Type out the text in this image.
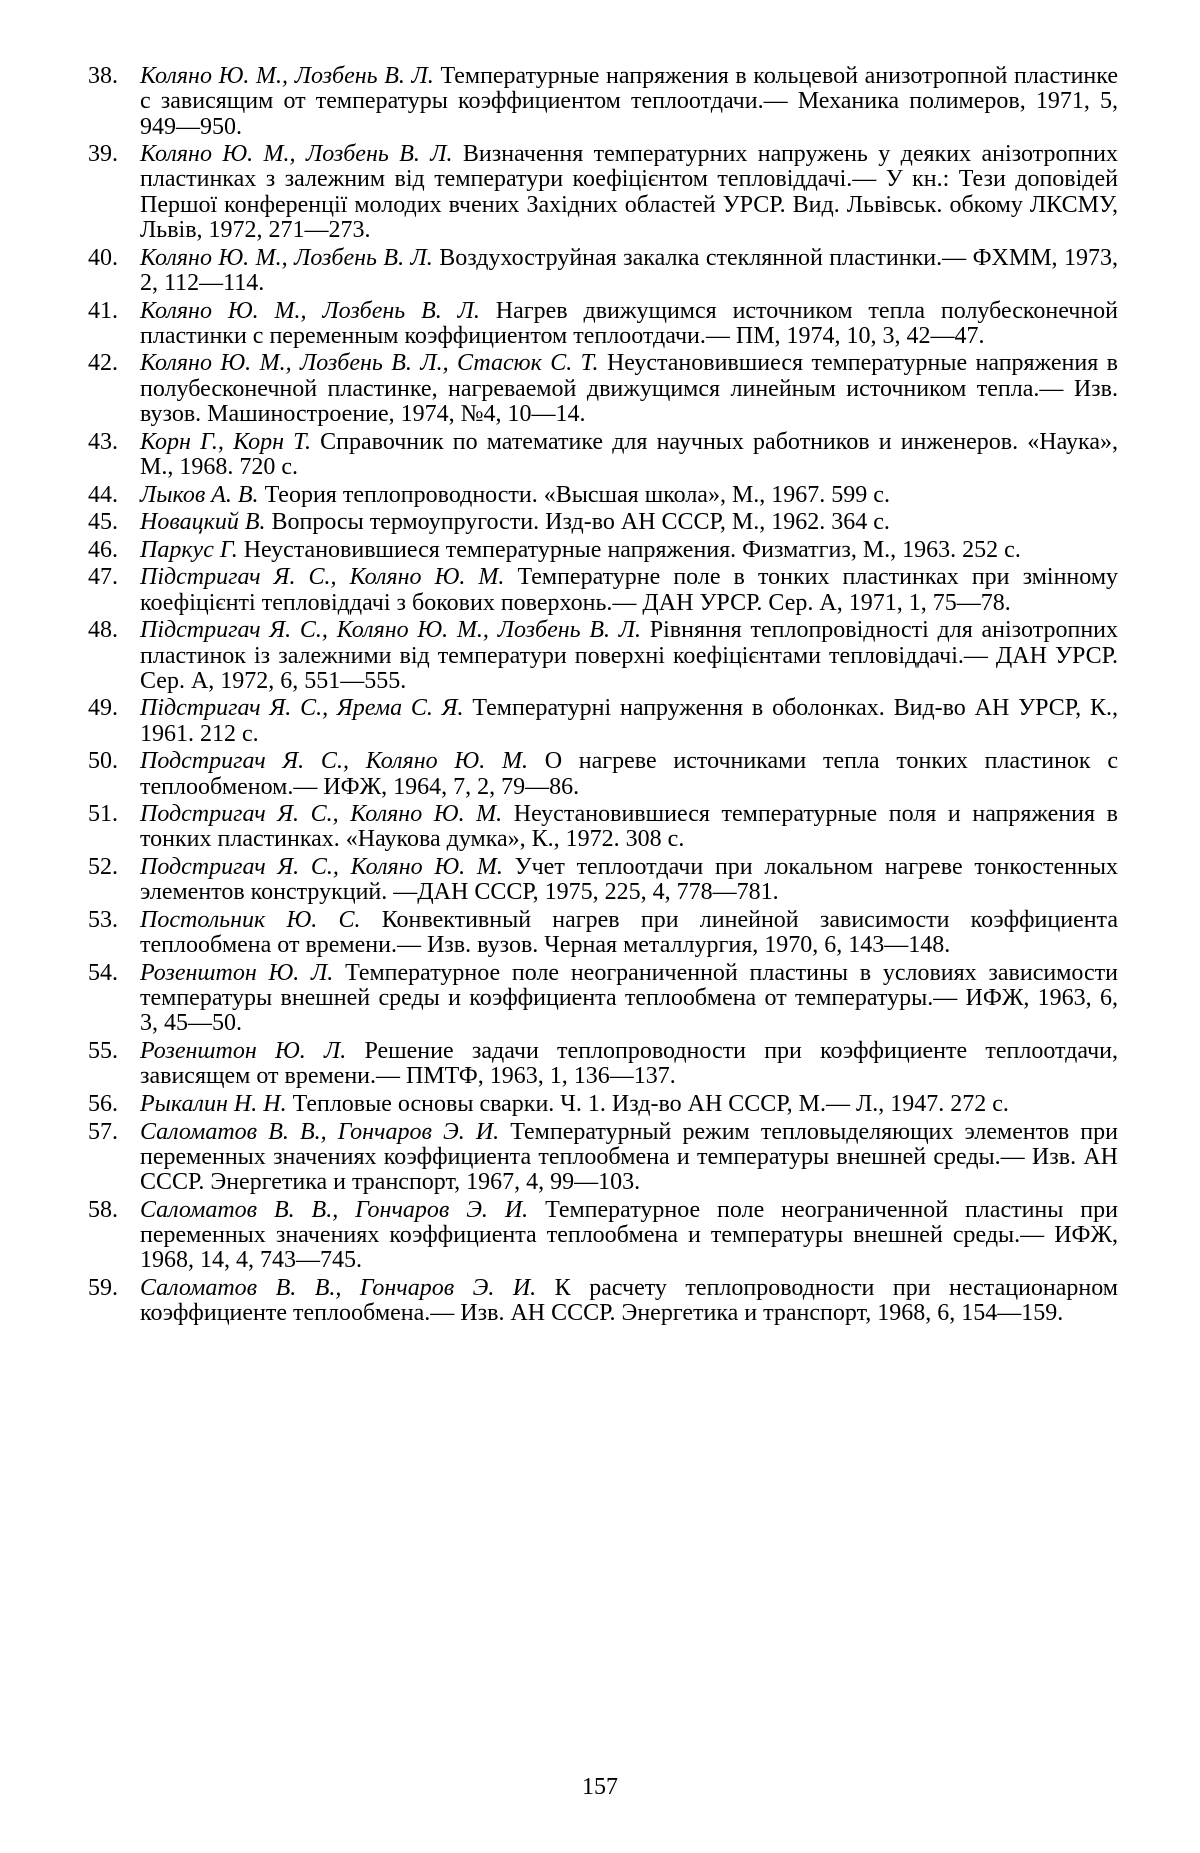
38. Коляно Ю. М., Лозбень В. Л. Температурные напряжения в кольцевой анизотропной пластинке с зависящим от температуры коэффициентом теплоотдачи.— Механика полимеров, 1971, 5, 949—950.
39. Коляно Ю. М., Лозбень В. Л. Визначення температурних напружень у деяких анізотропних пластинках з залежним від температури коефіцієнтом тепловіддачі.— У кн.: Тези доповідей Першої конференції молодих вчених Західних областей УРСР. Вид. Львівськ. обкому ЛКСМУ, Львів, 1972, 271—273.
40. Коляно Ю. М., Лозбень В. Л. Воздухоструйная закалка стеклянной пластинки.— ФХММ, 1973, 2, 112—114.
41. Коляно Ю. М., Лозбень В. Л. Нагрев движущимся источником тепла полубесконечной пластинки с переменным коэффициентом теплоотдачи.— ПМ, 1974, 10, 3, 42—47.
42. Коляно Ю. М., Лозбень В. Л., Стасюк С. Т. Неустановившиеся температурные напряжения в полубесконечной пластинке, нагреваемой движущимся линейным источником тепла.— Изв. вузов. Машиностроение, 1974, №4, 10—14.
43. Корн Г., Корн Т. Справочник по математике для научных работников и инженеров. «Наука», М., 1968. 720 с.
44. Лыков А. В. Теория теплопроводности. «Высшая школа», М., 1967. 599 с.
45. Новацкий В. Вопросы термоупругости. Изд-во АН СССР, М., 1962. 364 с.
46. Паркус Г. Неустановившиеся температурные напряжения. Физматгиз, М., 1963. 252 с.
47. Підстригач Я. С., Коляно Ю. М. Температурне поле в тонких пластинках при змінному коефіцієнті тепловіддачі з бокових поверхонь.— ДАН УРСР. Сер. А, 1971, 1, 75—78.
48. Підстригач Я. С., Коляно Ю. М., Лозбень В. Л. Рівняння теплопровідності для анізотропних пластинок із залежними від температури поверхні коефіцієнтами тепловіддачі.— ДАН УРСР. Сер. А, 1972, 6, 551—555.
49. Підстригач Я. С., Ярема С. Я. Температурні напруження в оболонках. Вид-во АН УРСР, К., 1961. 212 с.
50. Подстригач Я. С., Коляно Ю. М. О нагреве источниками тепла тонких пластинок с теплообменом.— ИФЖ, 1964, 7, 2, 79—86.
51. Подстригач Я. С., Коляно Ю. М. Неустановившиеся температурные поля и напряжения в тонких пластинках. «Наукова думка», К., 1972. 308 с.
52. Подстригач Я. С., Коляно Ю. М. Учет теплоотдачи при локальном нагреве тонкостенных элементов конструкций. —ДАН СССР, 1975, 225, 4, 778—781.
53. Постольник Ю. С. Конвективный нагрев при линейной зависимости коэффициента теплообмена от времени.— Изв. вузов. Черная металлургия, 1970, 6, 143—148.
54. Розенштон Ю. Л. Температурное поле неограниченной пластины в условиях зависимости температуры внешней среды и коэффициента теплообмена от температуры.— ИФЖ, 1963, 6, 3, 45—50.
55. Розенштон Ю. Л. Решение задачи теплопроводности при коэффициенте теплоотдачи, зависящем от времени.— ПМТФ, 1963, 1, 136—137.
56. Рыкалин Н. Н. Тепловые основы сварки. Ч. 1. Изд-во АН СССР, М.— Л., 1947. 272 с.
57. Саломатов В. В., Гончаров Э. И. Температурный режим тепловыделяющих элементов при переменных значениях коэффициента теплообмена и температуры внешней среды.— Изв. АН СССР. Энергетика и транспорт, 1967, 4, 99—103.
58. Саломатов В. В., Гончаров Э. И. Температурное поле неограниченной пластины при переменных значениях коэффициента теплообмена и температуры внешней среды.— ИФЖ, 1968, 14, 4, 743—745.
59. Саломатов В. В., Гончаров Э. И. К расчету теплопроводности при нестационарном коэффициенте теплообмена.— Изв. АН СССР. Энергетика и транспорт, 1968, 6, 154—159.
157
